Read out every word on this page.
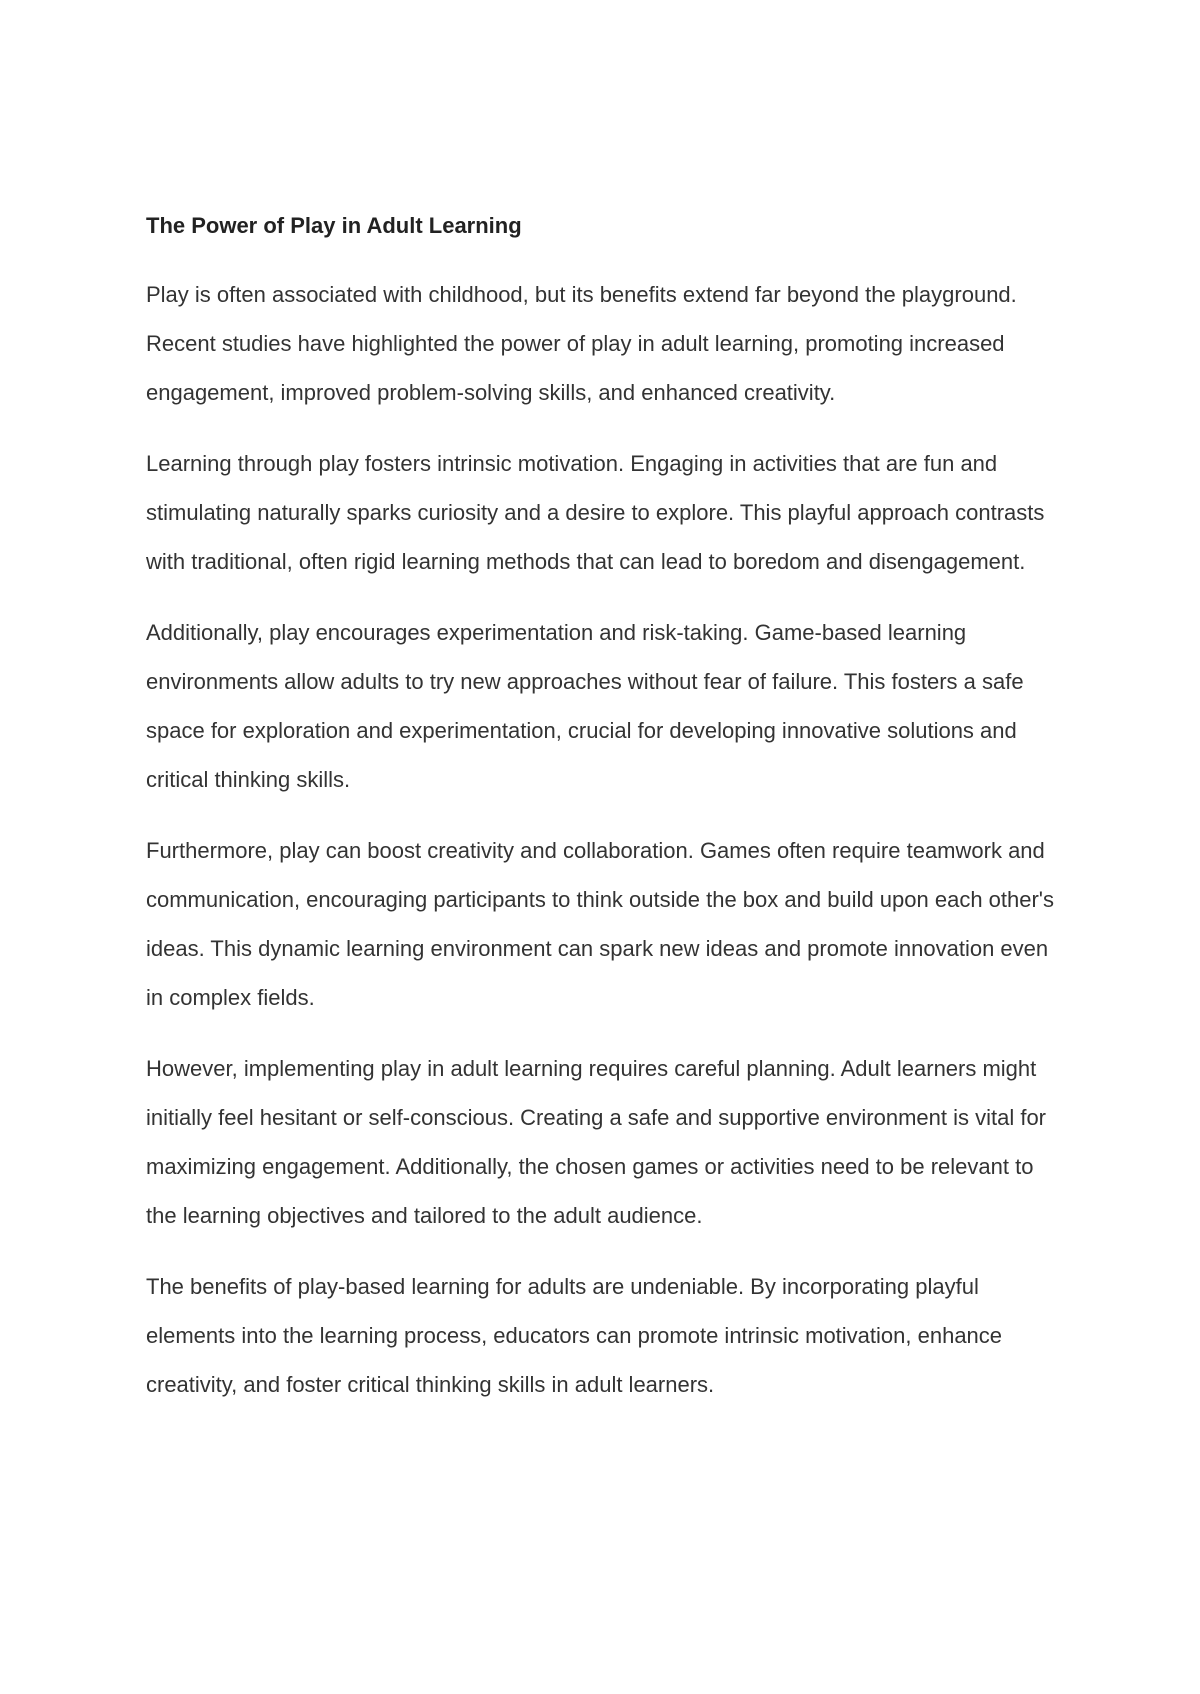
The Power of Play in Adult Learning

Play is often associated with childhood, but its benefits extend far beyond the playground. Recent studies have highlighted the power of play in adult learning, promoting increased engagement, improved problem-solving skills, and enhanced creativity.

Learning through play fosters intrinsic motivation. Engaging in activities that are fun and stimulating naturally sparks curiosity and a desire to explore. This playful approach contrasts with traditional, often rigid learning methods that can lead to boredom and disengagement.

Additionally, play encourages experimentation and risk-taking. Game-based learning environments allow adults to try new approaches without fear of failure. This fosters a safe space for exploration and experimentation, crucial for developing innovative solutions and critical thinking skills.

Furthermore, play can boost creativity and collaboration. Games often require teamwork and communication, encouraging participants to think outside the box and build upon each other's ideas. This dynamic learning environment can spark new ideas and promote innovation even in complex fields.

However, implementing play in adult learning requires careful planning. Adult learners might initially feel hesitant or self-conscious. Creating a safe and supportive environment is vital for maximizing engagement. Additionally, the chosen games or activities need to be relevant to the learning objectives and tailored to the adult audience.

The benefits of play-based learning for adults are undeniable. By incorporating playful elements into the learning process, educators can promote intrinsic motivation, enhance creativity, and foster critical thinking skills in adult learners.
